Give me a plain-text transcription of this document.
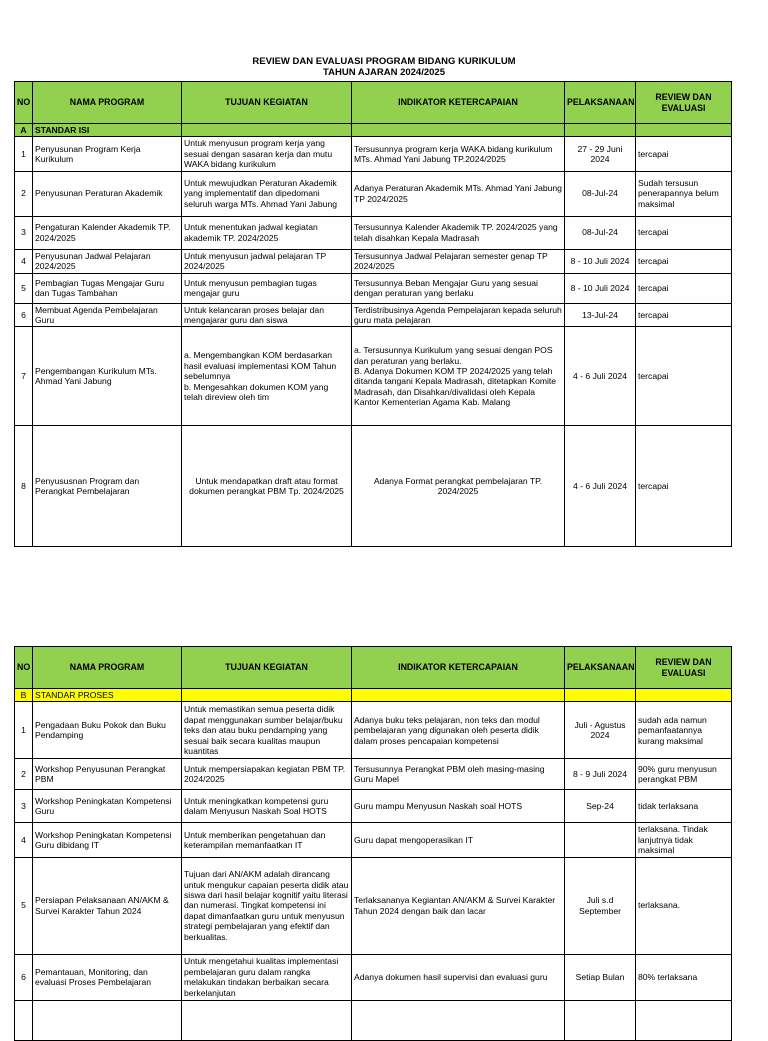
REVIEW DAN EVALUASI PROGRAM BIDANG KURIKULUM
TAHUN AJARAN 2024/2025
NO	NAMA PROGRAM	TUJUAN KEGIATAN	INDIKATOR KETERCAPAIAN	PELAKSANAAN	REVIEW DAN EVALUASI
A	STANDAR ISI				
1	Penyusunan Program Kerja Kurikulum	Untuk menyusun program kerja yang sesuai dengan sasaran kerja dan mutu WAKA bidang kurikulum	Tersusunnya program kerja WAKA bidang kurikulum MTs. Ahmad Yani Jabung TP.2024/2025	27 - 29 Juni 2024	tercapai
2	Penyusunan Peraturan Akademik	Untuk mewujudkan Peraturan Akademik yang implementatif dan dipedomani seluruh warga MTs. Ahmad Yani Jabung	Adanya Peraturan Akademik MTs. Ahmad Yani Jabung TP 2024/2025	08-Jul-24	Sudah tersusun penerapannya belum maksimal
3	Pengaturan Kalender Akademik TP. 2024/2025	Untuk menentukan jadwal kegiatan akademik TP. 2024/2025	Tersusunnya Kalender Akademik TP. 2024/2025 yang telah disahkan Kepala Madrasah	08-Jul-24	tercapai
4	Penyusunan Jadwal Pelajaran 2024/2025	Untuk menyusun jadwal pelajaran TP 2024/2025	Tersusunnya Jadwal Pelajaran semester genap TP 2024/2025	8 - 10 Juli 2024	tercapai
5	Pembagian Tugas Mengajar Guru dan Tugas Tambahan	Untuk menyusun pembagian tugas mengajar guru	Tersusunnya Beban Mengajar Guru yang sesuai dengan peraturan yang berlaku	8 - 10 Juli 2024	tercapai
6	Membuat Agenda Pembelajaran Guru	Untuk kelancaran proses belajar dan mengajarar guru dan siswa	Terdistribusinya Agenda Pempelajaran kepada seluruh guru mata pelajaran	13-Jul-24	tercapai
7	Pengembangan Kurikulum MTs. Ahmad Yani Jabung	a. Mengembangkan KOM berdasarkan hasil evaluasi implementasi KOM Tahun sebelumnya
b. Mengesahkan dokumen KOM yang telah direview oleh tim	a. Tersusunnya Kurikulum yang sesuai dengan POS dan peraturan yang berlaku.
B. Adanya Dokumen KOM TP 2024/2025 yang telah ditanda tangani Kepala Madrasah, ditetapkan Komite Madrasah, dan Disahkan/divalidasi oleh Kepala Kantor Kementerian Agama Kab. Malang	4 - 6 Juli 2024	tercapai
8	Penyususnan Program dan Perangkat Pembelajaran	Untuk mendapatkan draft atau format dokumen perangkat PBM Tp. 2024/2025	Adanya Format perangkat pembelajaran TP. 2024/2025	4 - 6 Juli 2024	tercapai
NO	NAMA PROGRAM	TUJUAN KEGIATAN	INDIKATOR KETERCAPAIAN	PELAKSANAAN	REVIEW DAN EVALUASI
B	STANDAR PROSES				
1	Pengadaan Buku Pokok dan Buku Pendamping	Untuk memastikan semua peserta didik dapat menggunakan sumber belajar/buku teks dan atau buku pendamping yang sesuai baik secara kualitas maupun kuantitas	Adanya buku teks pelajaran, non teks dan modul pembelajaran yang digunakan oleh peserta didik dalam proses pencapaian kompetensi	Juli - Agustus 2024	sudah ada namun pemanfaatannya kurang maksimal
2	Workshop Penyusunan Perangkat PBM	Untuk mempersiapakan kegiatan PBM TP. 2024/2025	Tersusunnya Perangkat PBM oleh masing-masing Guru Mapel	8 - 9 Juli 2024	90% guru menyusun perangkat PBM
3	Workshop Peningkatan Kompetensi Guru	Untuk meningkatkan kompetensi guru dalam Menyusun Naskah Soal HOTS	Guru mampu Menyusun Naskah soal HOTS	Sep-24	tidak terlaksana
4	Workshop Peningkatan Kompetensi Guru dibidang IT	Untuk memberikan pengetahuan dan keterampilan memanfaatkan IT	Guru dapat mengoperasikan IT		terlaksana. Tindak lanjutnya tidak maksimal
5	Persiapan Pelaksanaan AN/AKM & Survei Karakter Tahun 2024	Tujuan dari AN/AKM adalah dirancang untuk mengukur capaian peserta didik atau siswa dari hasil belajar kognitif yaitu literasi dan numerasi. Tingkat kompetensi ini dapat dimanfaatkan guru untuk menyusun strategi pembelajaran yang efektif dan berkualitas.	Terlaksananya Kegiantan AN/AKM & Survei Karakter Tahun 2024 dengan baik dan lacar	Juli s.d September	terlaksana.
6	Pemantauan, Monitoring, dan evaluasi Proses Pembelajaran	Untuk mengetahui kualitas implementasi pembelajaran guru dalam rangka melakukan tindakan berbaikan secara berkelanjutan	Adanya dokumen hasil supervisi dan evaluasi guru	Setiap Bulan	80% terlaksana
